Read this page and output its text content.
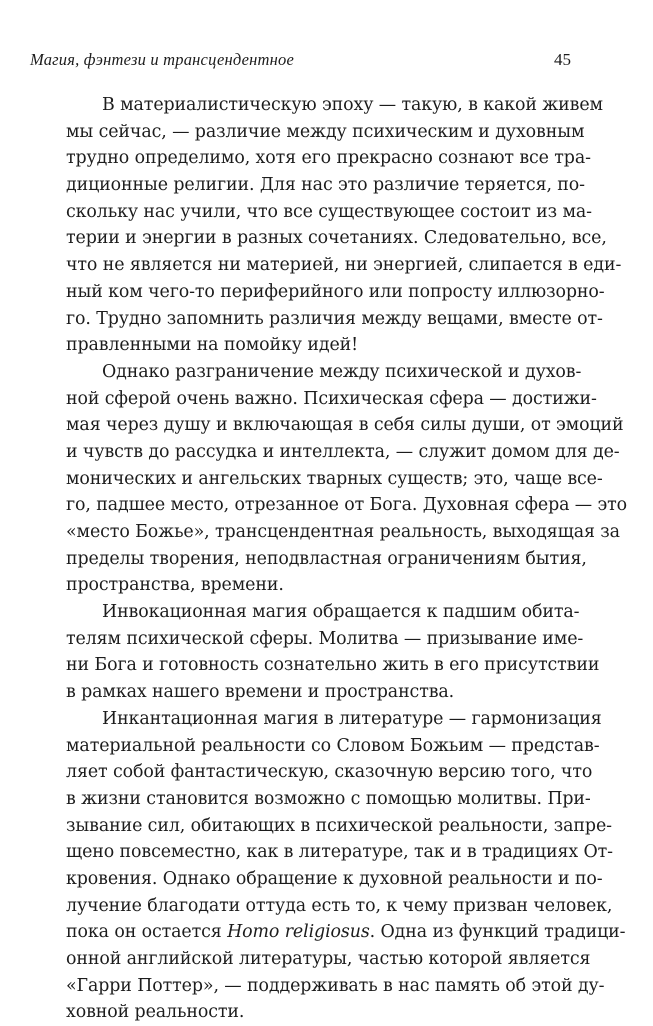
Магия, фэнтези и трансцендентное	45
В материалистическую эпоху — такую, в какой живем
мы сейчас, — различие между психическим и духовным
трудно определимо, хотя его прекрасно сознают все тра-
диционные религии. Для нас это различие теряется, по-
скольку нас учили, что все существующее состоит из ма-
терии и энергии в разных сочетаниях. Следовательно, все,
что не является ни материей, ни энергией, слипается в еди-
ный ком чего-то периферийного или попросту иллюзорно-
го. Трудно запомнить различия между вещами, вместе от-
правленными на помойку идей!
Однако разграничение между психической и духов-
ной сферой очень важно. Психическая сфера — достижи-
мая через душу и включающая в себя силы души, от эмоций
и чувств до рассудка и интеллекта, — служит домом для де-
монических и ангельских тварных существ; это, чаще все-
го, падшее место, отрезанное от Бога. Духовная сфера — это
«место Божье», трансцендентная реальность, выходящая за
пределы творения, неподвластная ограничениям бытия,
пространства, времени.
Инвокационная магия обращается к падшим обита-
телям психической сферы. Молитва — призывание име-
ни Бога и готовность сознательно жить в его присутствии
в рамках нашего времени и пространства.
Инкантационная магия в литературе — гармонизация
материальной реальности со Словом Божьим — представ-
ляет собой фантастическую, сказочную версию того, что
в жизни становится возможно с помощью молитвы. При-
зывание сил, обитающих в психической реальности, запре-
щено повсеместно, как в литературе, так и в традициях От-
кровения. Однако обращение к духовной реальности и по-
лучение благодати оттуда есть то, к чему призван человек,
пока он остается Homo religiosus. Одна из функций традици-
онной английской литературы, частью которой является
«Гарри Поттер», — поддерживать в нас память об этой ду-
ховной реальности.
